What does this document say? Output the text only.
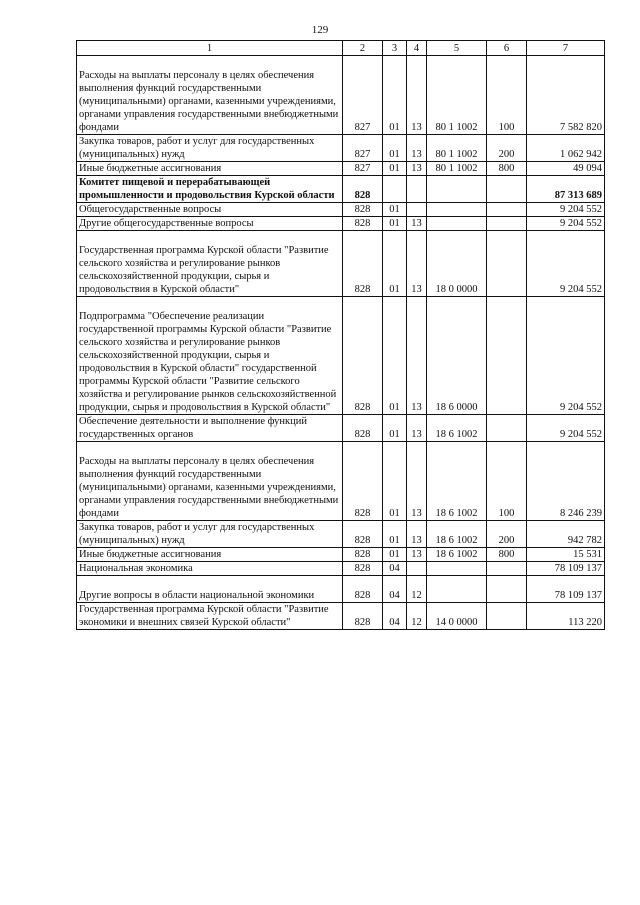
129
1	2	3	4	5	6	7
Расходы на выплаты персоналу в целях обеспечения выполнения функций государственными (муниципальными) органами, казенными учреждениями, органами управления государственными внебюджетными фондами	827	01	13	80 1 1002	100	7 582 820
Закупка товаров, работ и услуг для государственных (муниципальных) нужд	827	01	13	80 1 1002	200	1 062 942
Иные бюджетные ассигнования	827	01	13	80 1 1002	800	49 094
Комитет пищевой и перерабатывающей промышленности и продовольствия Курской области	828					87 313 689
Общегосударственные вопросы	828	01				9 204 552
Другие общегосударственные вопросы	828	01	13			9 204 552
Государственная программа Курской области "Развитие сельского хозяйства и регулирование рынков сельскохозяйственной продукции, сырья и продовольствия в Курской области"	828	01	13	18 0 0000		9 204 552
Подпрограмма "Обеспечение реализации государственной программы Курской области "Развитие сельского хозяйства и регулирование рынков сельскохозяйственной продукции, сырья и продовольствия в Курской области" государственной программы Курской области "Развитие сельского хозяйства и регулирование рынков сельскохозяйственной продукции, сырья и продовольствия в Курской области"	828	01	13	18 6 0000		9 204 552
Обеспечение деятельности и выполнение функций государственных органов	828	01	13	18 6 1002		9 204 552
Расходы на выплаты персоналу в целях обеспечения выполнения функций государственными (муниципальными) органами, казенными учреждениями, органами управления государственными внебюджетными фондами	828	01	13	18 6 1002	100	8 246 239
Закупка товаров, работ и услуг для государственных (муниципальных) нужд	828	01	13	18 6 1002	200	942 782
Иные бюджетные ассигнования	828	01	13	18 6 1002	800	15 531
Национальная экономика	828	04				78 109 137
Другие вопросы в области национальной экономики	828	04	12			78 109 137
Государственная программа Курской области "Развитие экономики и внешних связей Курской области"	828	04	12	14 0 0000		113 220
